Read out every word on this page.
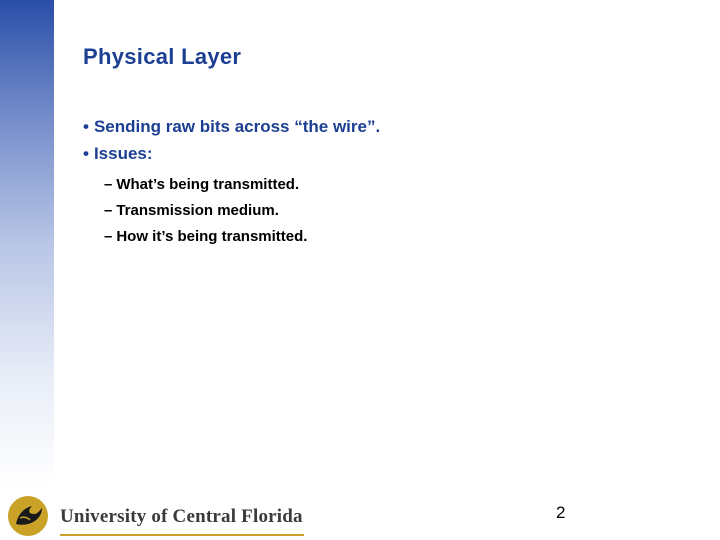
Physical Layer
• Sending raw bits across “the wire”.
• Issues:
– What’s being transmitted.
– Transmission medium.
– How it’s being transmitted.
University of Central Florida	2
